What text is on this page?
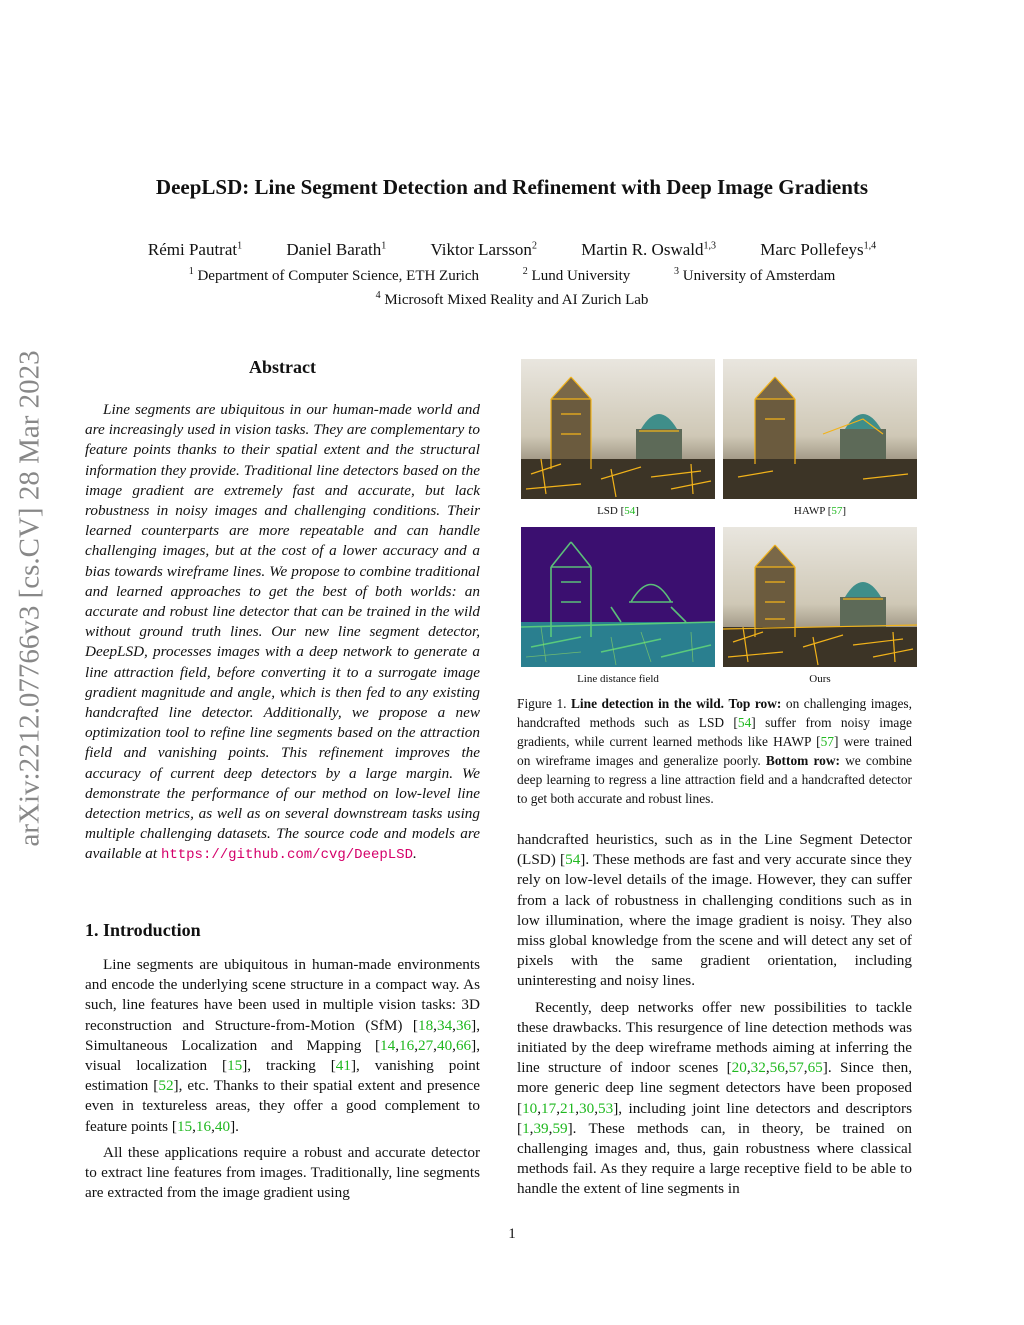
DeepLSD: Line Segment Detection and Refinement with Deep Image Gradients
Rémi Pautrat$^1$	Daniel Barath$^1$	Viktor Larsson$^2$	Martin R. Oswald$^{1,3}$	Marc Pollefeys$^{1,4}$
$^1$ Department of Computer Science, ETH Zurich	$^2$ Lund University	$^3$ University of Amsterdam
$^4$ Microsoft Mixed Reality and AI Zurich Lab
arXiv:2212.07766v3 [cs.CV] 28 Mar 2023	Abstract
Line segments are ubiquitous in our human-made world and are increasingly used in vision tasks. They are complementary to feature points thanks to their spatial extent and the structural information they provide. Traditional line detectors based on the image gradient are extremely fast and accurate, but lack robustness in noisy images and challenging conditions. Their learned counterparts are more repeatable and can handle challenging images, but at the cost of a lower accuracy and a bias towards wireframe lines. We propose to combine traditional and learned approaches to get the best of both worlds: an accurate and robust line detector that can be trained in the wild without ground truth lines. Our new line segment detector, DeepLSD, processes images with a deep network to generate a line attraction field, before converting it to a surrogate image gradient magnitude and angle, which is then fed to any existing handcrafted line detector. Additionally, we propose a new optimization tool to refine line segments based on the attraction field and vanishing points. This refinement improves the accuracy of current deep detectors by a large margin. We demonstrate the performance of our method on low-level line detection metrics, as well as on several downstream tasks using multiple challenging datasets. The source code and models are available at https://github.com/cvg/DeepLSD.
1. Introduction

Line segments are ubiquitous in human-made environments and encode the underlying scene structure in a compact way. As such, line features have been used in multiple vision tasks: 3D reconstruction and Structure-from-Motion (SfM) [18,34,36], Simultaneous Localization and Mapping [14,16,27,40,66], visual localization [15], tracking [41], vanishing point estimation [52], etc. Thanks to their spatial extent and presence even in textureless areas, they offer a good complement to feature points [15,16,40].

All these applications require a robust and accurate detector to extract line features from images. Traditionally, line segments are extracted from the image gradient using

LSD [54]	HAWP [57]
Line distance field	Ours
Figure 1. Line detection in the wild. Top row: on challenging images, handcrafted methods such as LSD [54] suffer from noisy image gradients, while current learned methods like HAWP [57] were trained on wireframe images and generalize poorly. Bottom row: we combine deep learning to regress a line attraction field and a handcrafted detector to get both accurate and robust lines.

handcrafted heuristics, such as in the Line Segment Detector (LSD) [54]. These methods are fast and very accurate since they rely on low-level details of the image. However, they can suffer from a lack of robustness in challenging conditions such as in low illumination, where the image gradient is noisy. They also miss global knowledge from the scene and will detect any set of pixels with the same gradient orientation, including uninteresting and noisy lines.

Recently, deep networks offer new possibilities to tackle these drawbacks. This resurgence of line detection methods was initiated by the deep wireframe methods aiming at inferring the line structure of indoor scenes [20,32,56,57,65]. Since then, more generic deep line segment detectors have been proposed [10,17,21,30,53], including joint line detectors and descriptors [1,39,59]. These methods can, in theory, be trained on challenging images and, thus, gain robustness where classical methods fail. As they require a large receptive field to be able to handle the extent of line segments in

1
